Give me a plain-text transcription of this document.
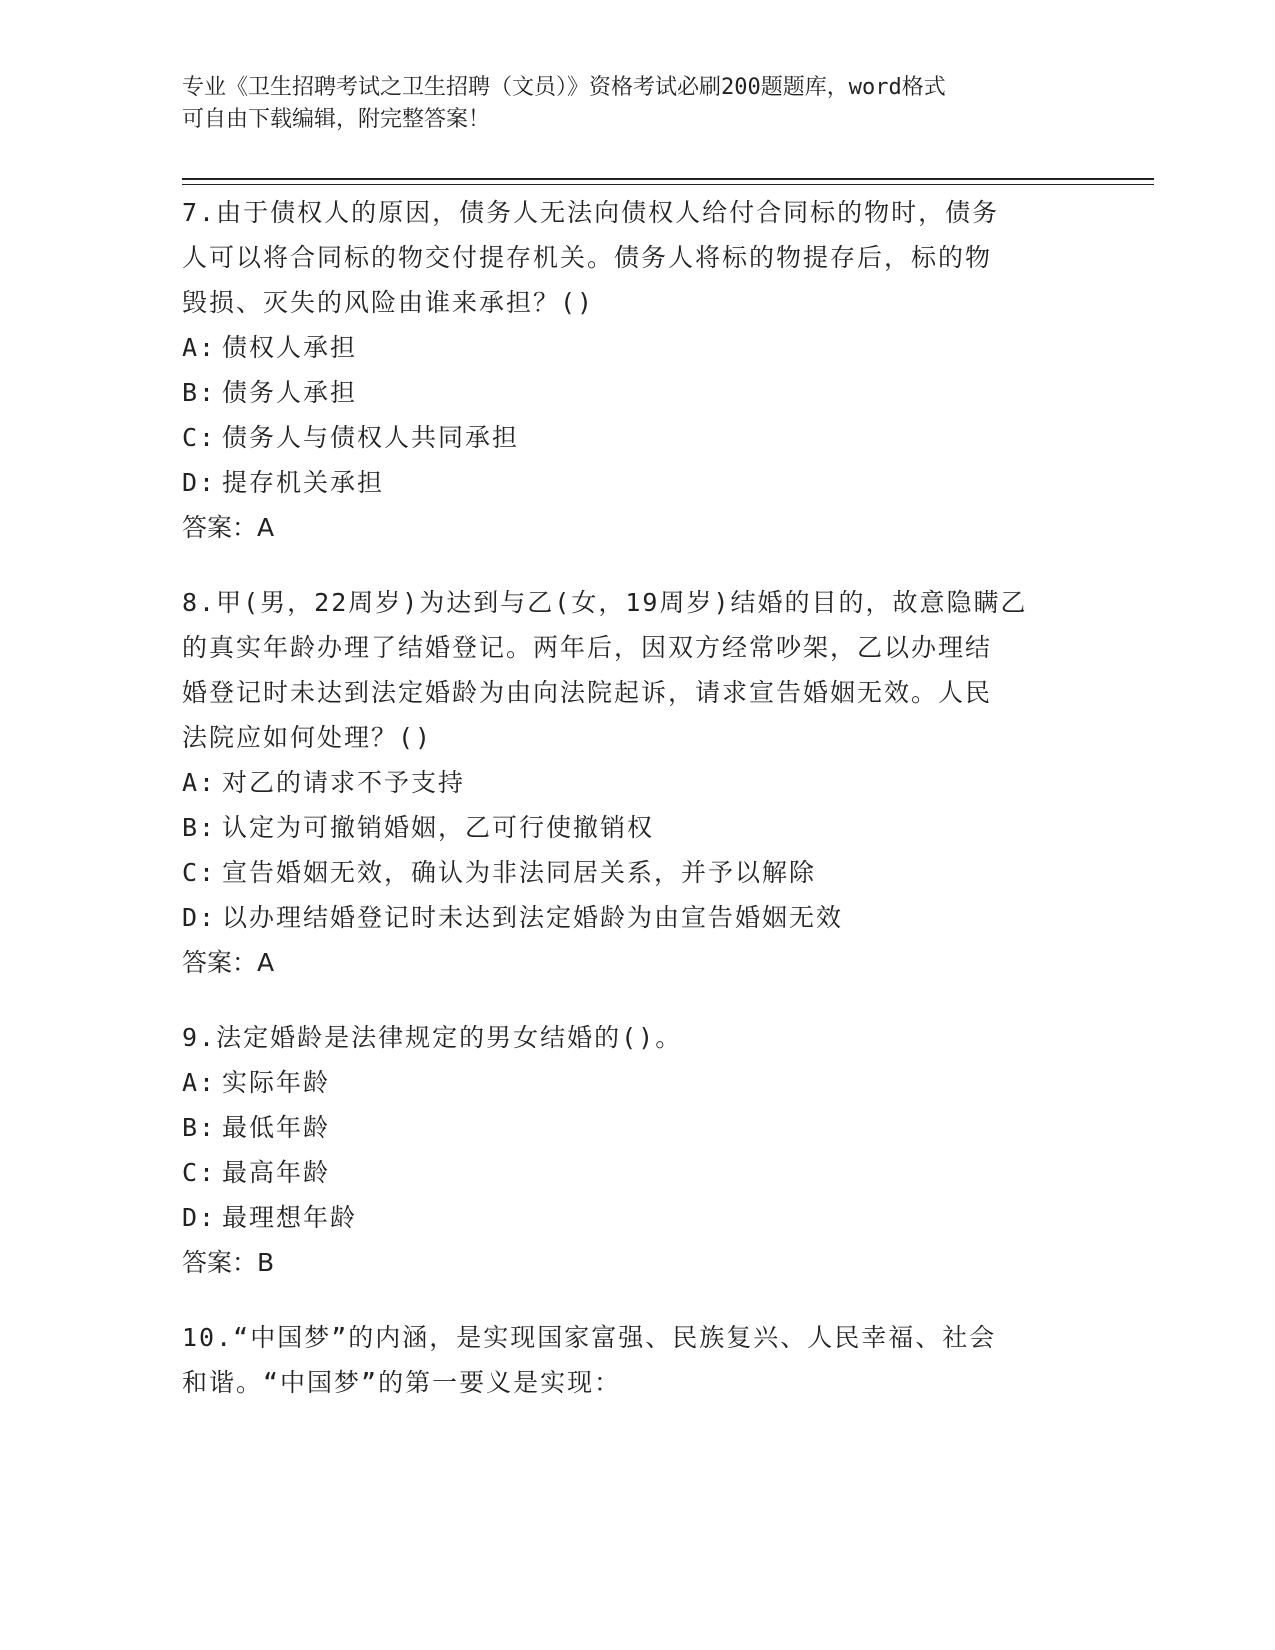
专业《卫生招聘考试之卫生招聘（文员）》资格考试必刷200题题库，word格式
可自由下载编辑，附完整答案！
7.由于债权人的原因，债务人无法向债权人给付合同标的物时，债务
人可以将合同标的物交付提存机关。债务人将标的物提存后，标的物
毁损、灭失的风险由谁来承担？()
A: 债权人承担
B: 债务人承担
C: 债务人与债权人共同承担
D: 提存机关承担
答案：A
8.甲(男，22周岁)为达到与乙(女，19周岁)结婚的目的，故意隐瞒乙
的真实年龄办理了结婚登记。两年后，因双方经常吵架，乙以办理结
婚登记时未达到法定婚龄为由向法院起诉，请求宣告婚姻无效。人民
法院应如何处理？()
A: 对乙的请求不予支持
B: 认定为可撤销婚姻，乙可行使撤销权
C: 宣告婚姻无效，确认为非法同居关系，并予以解除
D: 以办理结婚登记时未达到法定婚龄为由宣告婚姻无效
答案：A
9.法定婚龄是法律规定的男女结婚的()。
A: 实际年龄
B: 最低年龄
C: 最高年龄
D: 最理想年龄
答案：B
10.“中国梦”的内涵，是实现国家富强、民族复兴、人民幸福、社会
和谐。“中国梦”的第一要义是实现：
